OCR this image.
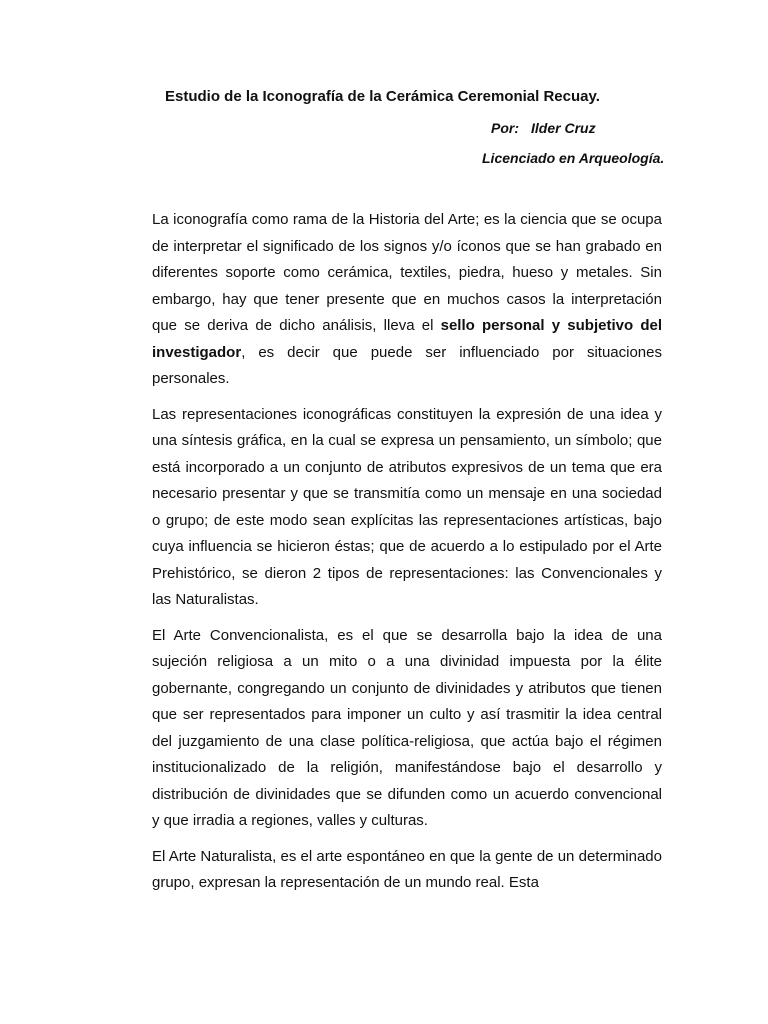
Estudio de la Iconografía de la Cerámica Ceremonial Recuay.
Por: Ilder Cruz
Licenciado en Arqueología.

La iconografía como rama de la Historia del Arte; es la ciencia que se ocupa de interpretar el significado de los signos y/o íconos que se han grabado en diferentes soporte como cerámica, textiles, piedra, hueso y metales. Sin embargo, hay que tener presente que en muchos casos la interpretación que se deriva de dicho análisis, lleva el sello personal y subjetivo del investigador, es decir que puede ser influenciado por situaciones personales.

Las representaciones iconográficas constituyen la expresión de una idea y una síntesis gráfica, en la cual se expresa un pensamiento, un símbolo; que está incorporado a un conjunto de atributos expresivos de un tema que era necesario presentar y que se transmitía como un mensaje en una sociedad o grupo; de este modo sean explícitas las representaciones artísticas, bajo cuya influencia se hicieron éstas; que de acuerdo a lo estipulado por el Arte Prehistórico, se dieron 2 tipos de representaciones: las Convencionales y las Naturalistas.

El Arte Convencionalista, es el que se desarrolla bajo la idea de una sujeción religiosa a un mito o a una divinidad impuesta por la élite gobernante, congregando un conjunto de divinidades y atributos que tienen que ser representados para imponer un culto y así trasmitir la idea central del juzgamiento de una clase política-religiosa, que actúa bajo el régimen institucionalizado de la religión, manifestándose bajo el desarrollo y distribución de divinidades que se difunden como un acuerdo convencional y que irradia a regiones, valles y culturas.

El Arte Naturalista, es el arte espontáneo en que la gente de un determinado grupo, expresan la representación de un mundo real. Esta
